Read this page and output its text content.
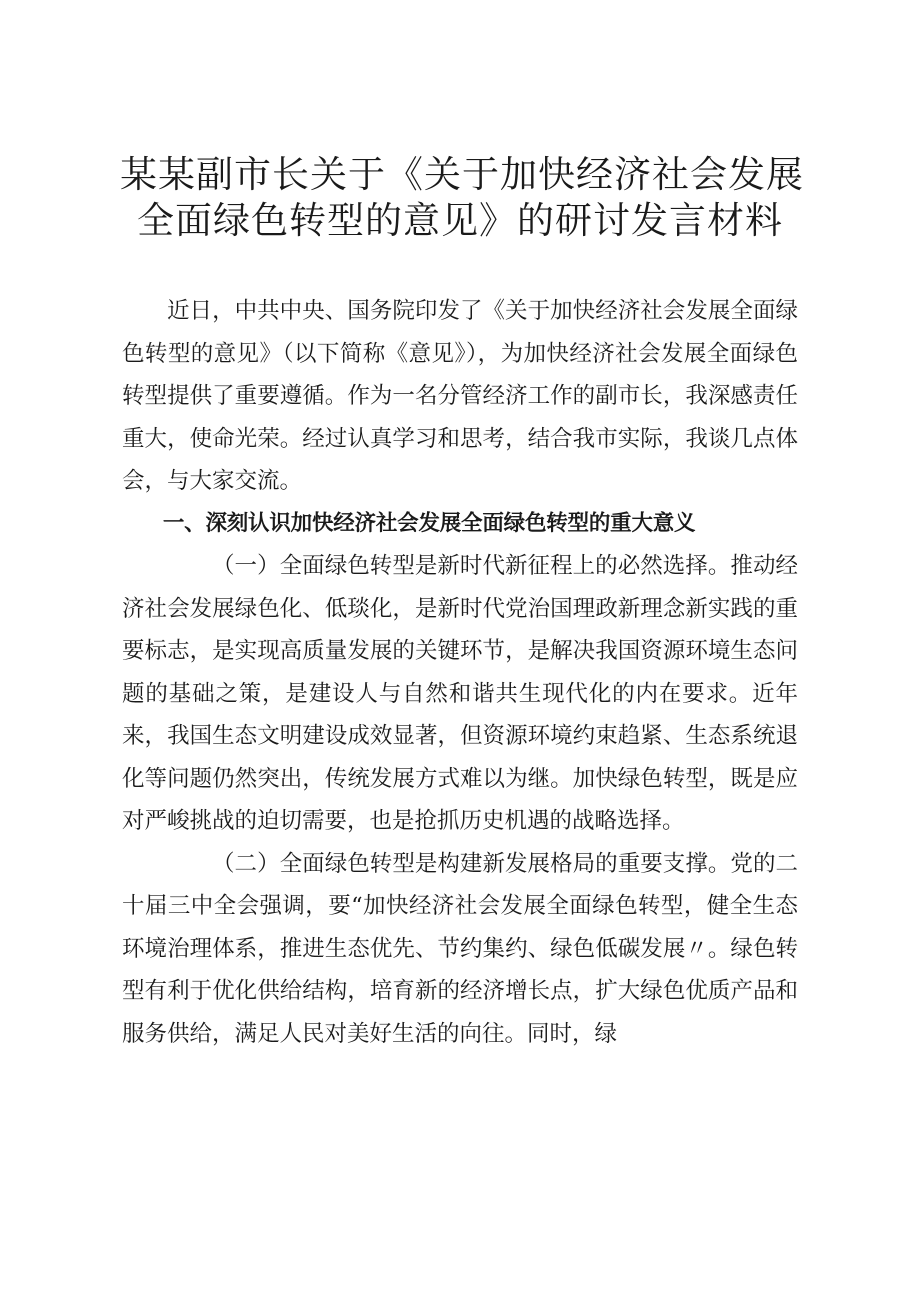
某某副市长关于《关于加快经济社会发展
全面绿色转型的意见》的研讨发言材料

近日，中共中央、国务院印发了《关于加快经济社会发展全面绿色转型的意见》（以下简称《意见》），为加快经济社会发展全面绿色转型提供了重要遵循。作为一名分管经济工作的副市长，我深感责任重大，使命光荣。经过认真学习和思考，结合我市实际，我谈几点体会，与大家交流。

一、深刻认识加快经济社会发展全面绿色转型的重大意义

（一）全面绿色转型是新时代新征程上的必然选择。推动经济社会发展绿色化、低琰化，是新时代党治国理政新理念新实践的重要标志，是实现高质量发展的关键环节，是解决我国资源环境生态问题的基础之策，是建设人与自然和谐共生现代化的内在要求。近年来，我国生态文明建设成效显著，但资源环境约束趋紧、生态系统退化等问题仍然突出，传统发展方式难以为继。加快绿色转型，既是应对严峻挑战的迫切需要，也是抢抓历史机遇的战略选择。

（二）全面绿色转型是构建新发展格局的重要支撑。党的二十届三中全会强调，要“加快经济社会发展全面绿色转型，健全生态环境治理体系，推进生态优先、节约集约、绿色低碳发展〃。绿色转型有利于优化供给结构，培育新的经济增长点，扩大绿色优质产品和服务供给，满足人民对美好生活的向往。同时，绿
